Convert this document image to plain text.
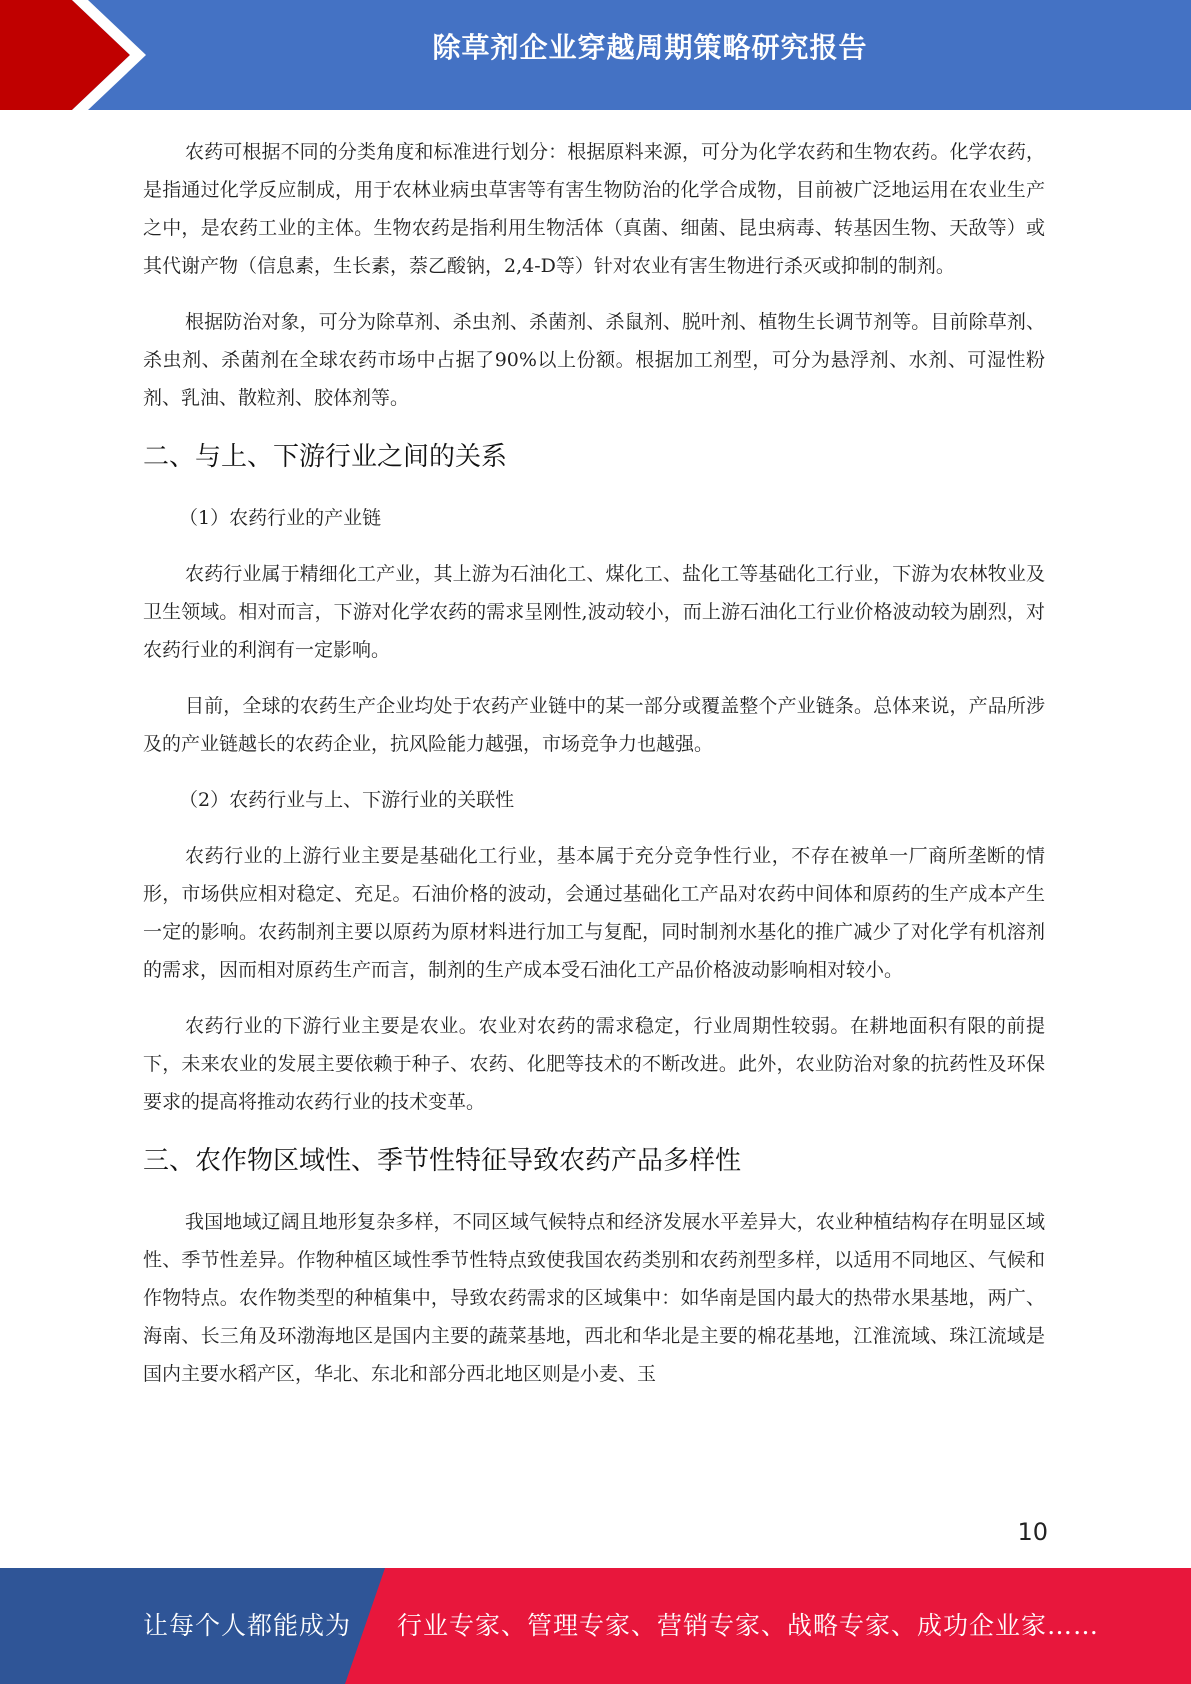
除草剂企业穿越周期策略研究报告

农药可根据不同的分类角度和标准进行划分：根据原料来源，可分为化学农药和生物农药。化学农药，是指通过化学反应制成，用于农林业病虫草害等有害生物防治的化学合成物，目前被广泛地运用在农业生产之中，是农药工业的主体。生物农药是指利用生物活体（真菌、细菌、昆虫病毒、转基因生物、天敌等）或其代谢产物（信息素，生长素，萘乙酸钠，2,4-D等）针对农业有害生物进行杀灭或抑制的制剂。

根据防治对象，可分为除草剂、杀虫剂、杀菌剂、杀鼠剂、脱叶剂、植物生长调节剂等。目前除草剂、杀虫剂、杀菌剂在全球农药市场中占据了90%以上份额。根据加工剂型，可分为悬浮剂、水剂、可湿性粉剂、乳油、散粒剂、胶体剂等。

二、与上、下游行业之间的关系
（1）农药行业的产业链

农药行业属于精细化工产业，其上游为石油化工、煤化工、盐化工等基础化工行业，下游为农林牧业及卫生领域。相对而言，下游对化学农药的需求呈刚性,波动较小，而上游石油化工行业价格波动较为剧烈，对农药行业的利润有一定影响。

目前，全球的农药生产企业均处于农药产业链中的某一部分或覆盖整个产业链条。总体来说，产品所涉及的产业链越长的农药企业，抗风险能力越强，市场竞争力也越强。

（2）农药行业与上、下游行业的关联性

农药行业的上游行业主要是基础化工行业，基本属于充分竞争性行业，不存在被单一厂商所垄断的情形，市场供应相对稳定、充足。石油价格的波动，会通过基础化工产品对农药中间体和原药的生产成本产生一定的影响。农药制剂主要以原药为原材料进行加工与复配，同时制剂水基化的推广减少了对化学有机溶剂的需求，因而相对原药生产而言，制剂的生产成本受石油化工产品价格波动影响相对较小。

农药行业的下游行业主要是农业。农业对农药的需求稳定，行业周期性较弱。在耕地面积有限的前提下，未来农业的发展主要依赖于种子、农药、化肥等技术的不断改进。此外，农业防治对象的抗药性及环保要求的提高将推动农药行业的技术变革。

三、农作物区域性、季节性特征导致农药产品多样性

我国地域辽阔且地形复杂多样，不同区域气候特点和经济发展水平差异大，农业种植结构存在明显区域性、季节性差异。作物种植区域性季节性特点致使我国农药类别和农药剂型多样，以适用不同地区、气候和作物特点。农作物类型的种植集中，导致农药需求的区域集中：如华南是国内最大的热带水果基地，两广、海南、长三角及环渤海地区是国内主要的蔬菜基地，西北和华北是主要的棉花基地，江淮流域、珠江流域是国内主要水稻产区，华北、东北和部分西北地区则是小麦、玉

10
让每个人都能成为 行业专家、管理专家、营销专家、战略专家、成功企业家……
